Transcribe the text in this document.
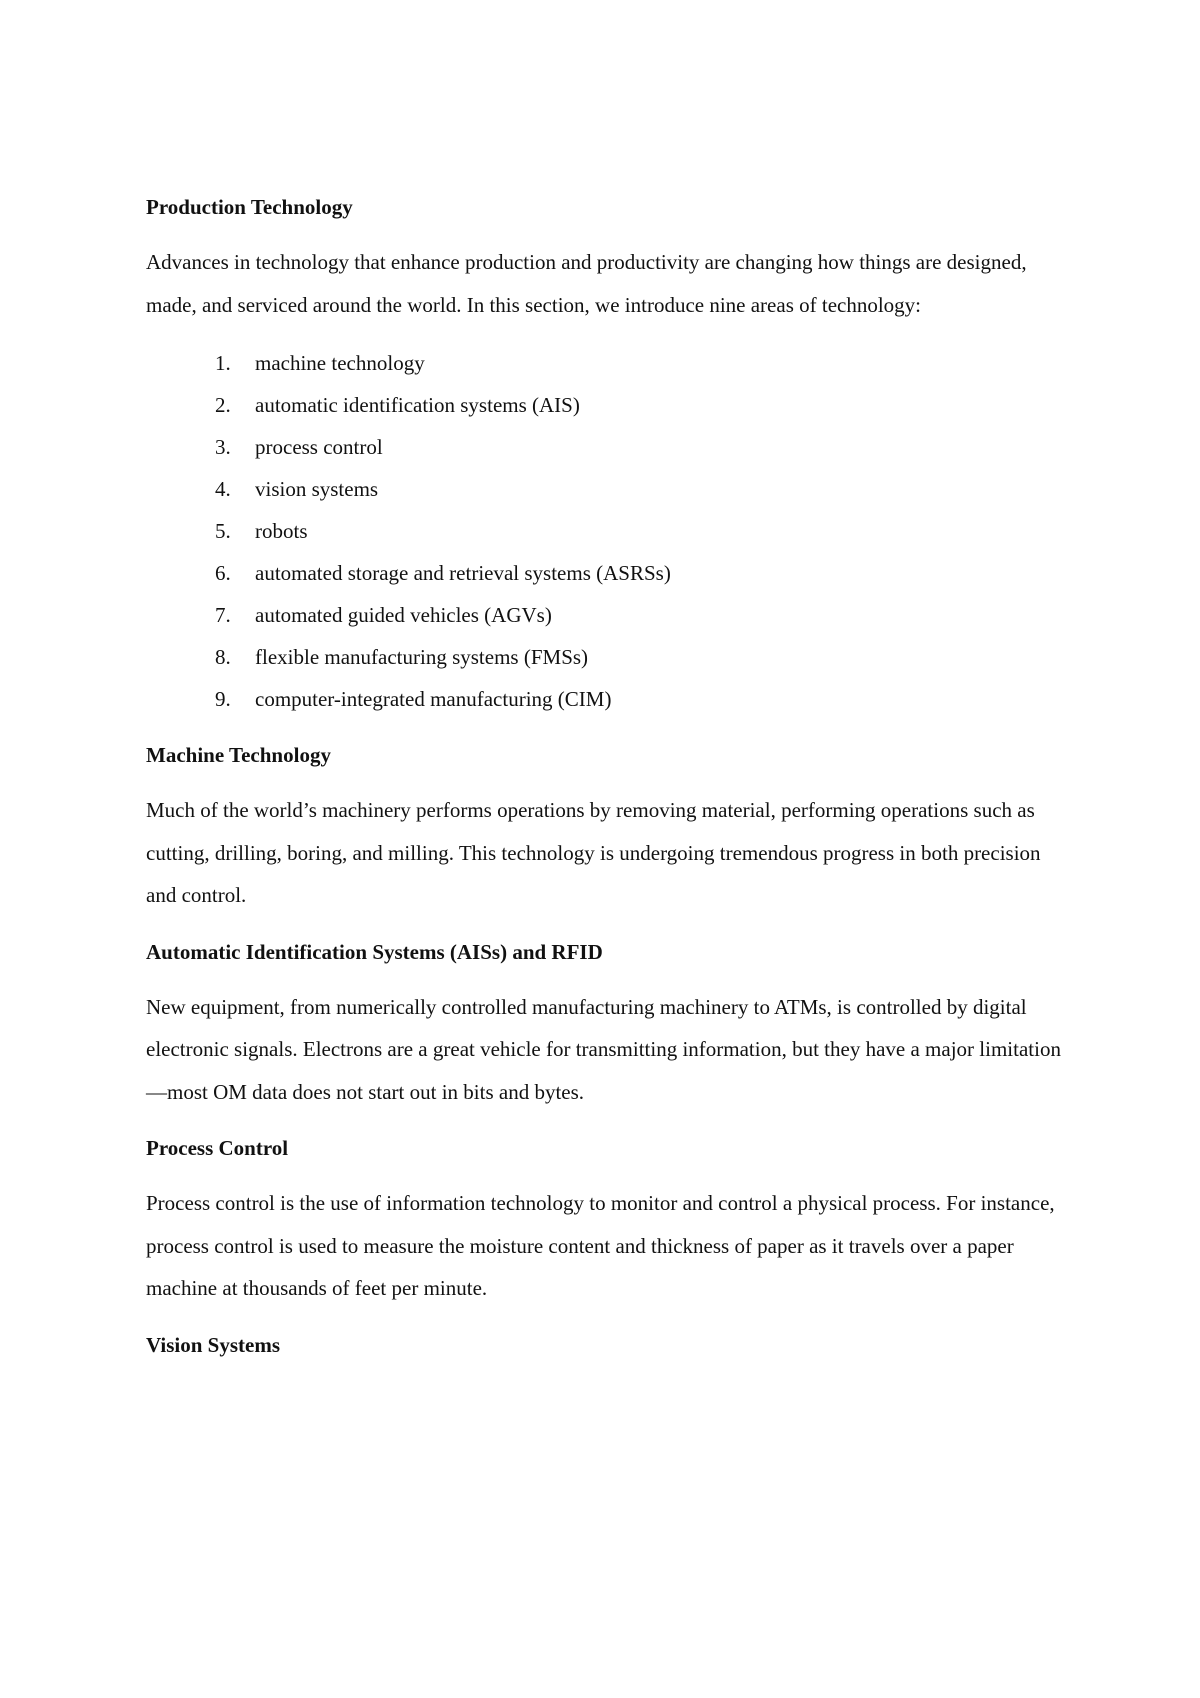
Production Technology

Advances in technology that enhance production and productivity are changing how things are designed, made, and serviced around the world. In this section, we introduce nine areas of technology:

1.	machine technology
2.	automatic identification systems (AIS)
3.	process control
4.	vision systems
5.	robots
6.	automated storage and retrieval systems (ASRSs)
7.	automated guided vehicles (AGVs)
8.	flexible manufacturing systems (FMSs)
9.	computer-integrated manufacturing (CIM)
Machine Technology

Much of the world’s machinery performs operations by removing material, performing operations such as cutting, drilling, boring, and milling. This technology is undergoing tremendous progress in both precision and control.

Automatic Identification Systems (AISs) and RFID

New equipment, from numerically controlled manufacturing machinery to ATMs, is controlled by digital electronic signals. Electrons are a great vehicle for transmitting information, but they have a major limitation—most OM data does not start out in bits and bytes.

Process Control

Process control is the use of information technology to monitor and control a physical process. For instance, process control is used to measure the moisture content and thickness of paper as it travels over a paper machine at thousands of feet per minute.

Vision Systems
